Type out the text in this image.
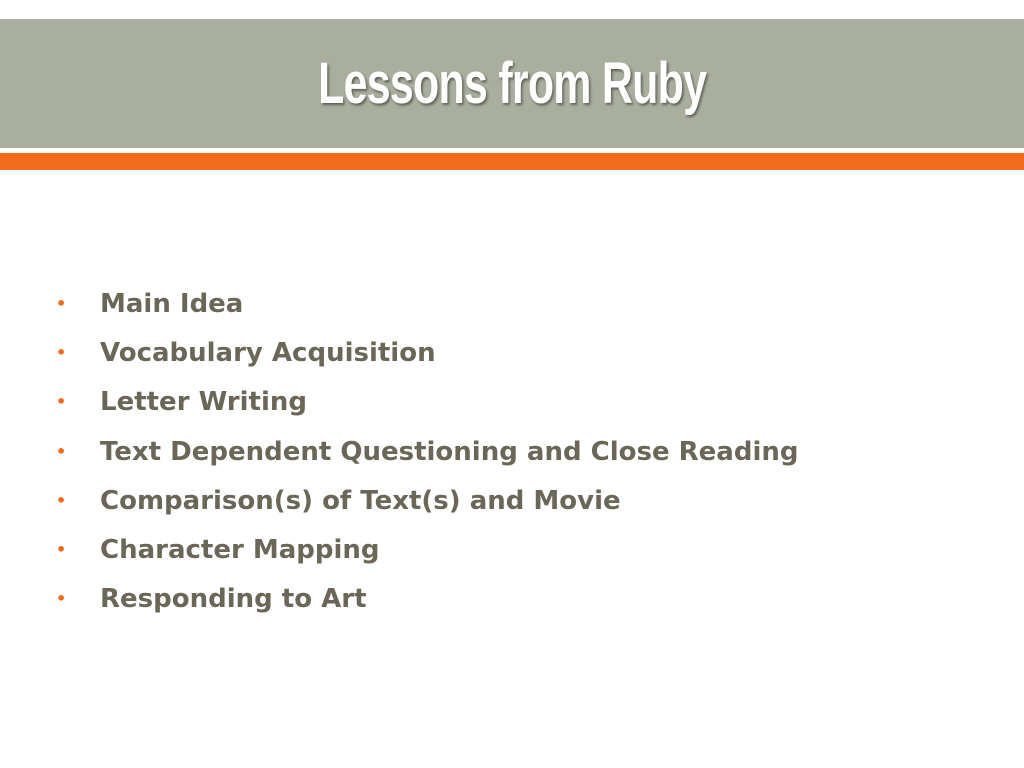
Lessons from Ruby
•	Main Idea
•	Vocabulary Acquisition
•	Letter Writing
•	Text Dependent Questioning and Close Reading
•	Comparison(s) of Text(s) and Movie
•	Character Mapping
•	Responding to Art
